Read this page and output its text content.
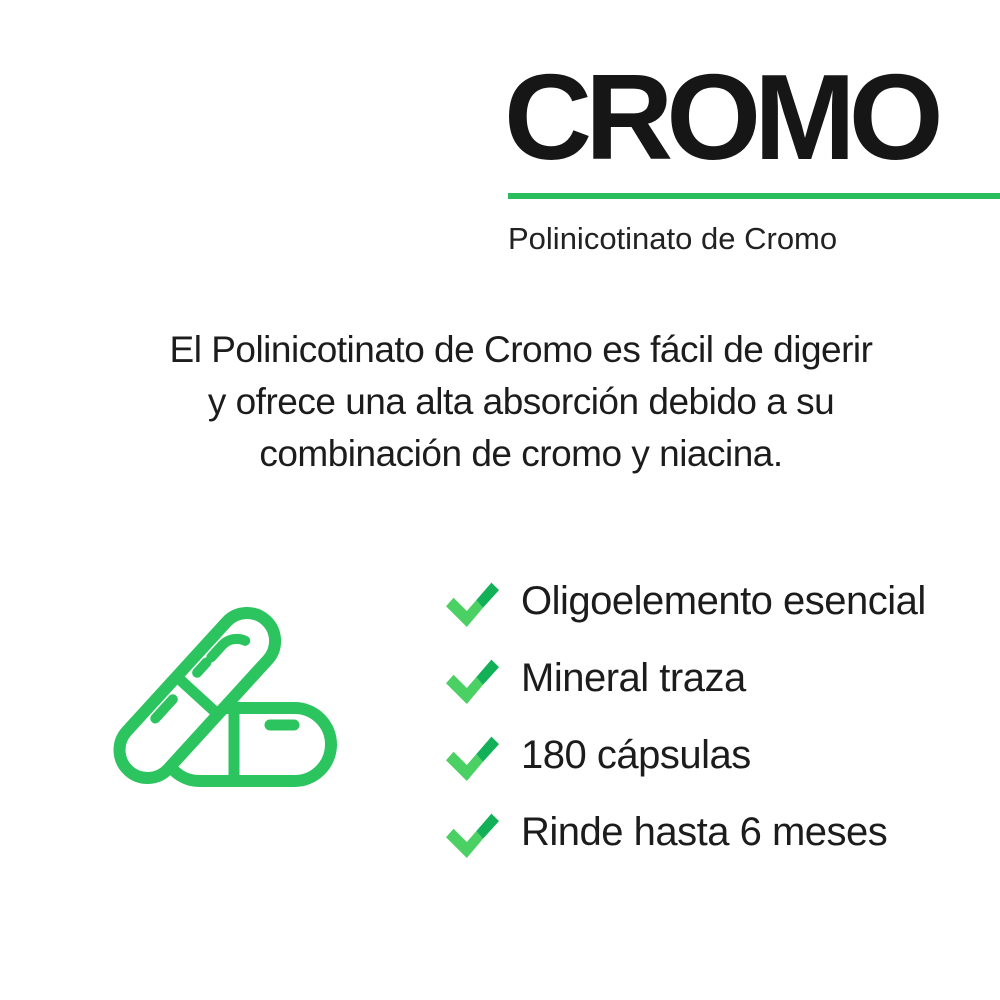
CROMO
Polinicotinato de Cromo

El Polinicotinato de Cromo es fácil de digerir
y ofrece una alta absorción debido a su
combinación de cromo y niacina.

Oligoelemento esencial
Mineral traza
180 cápsulas
Rinde hasta 6 meses
